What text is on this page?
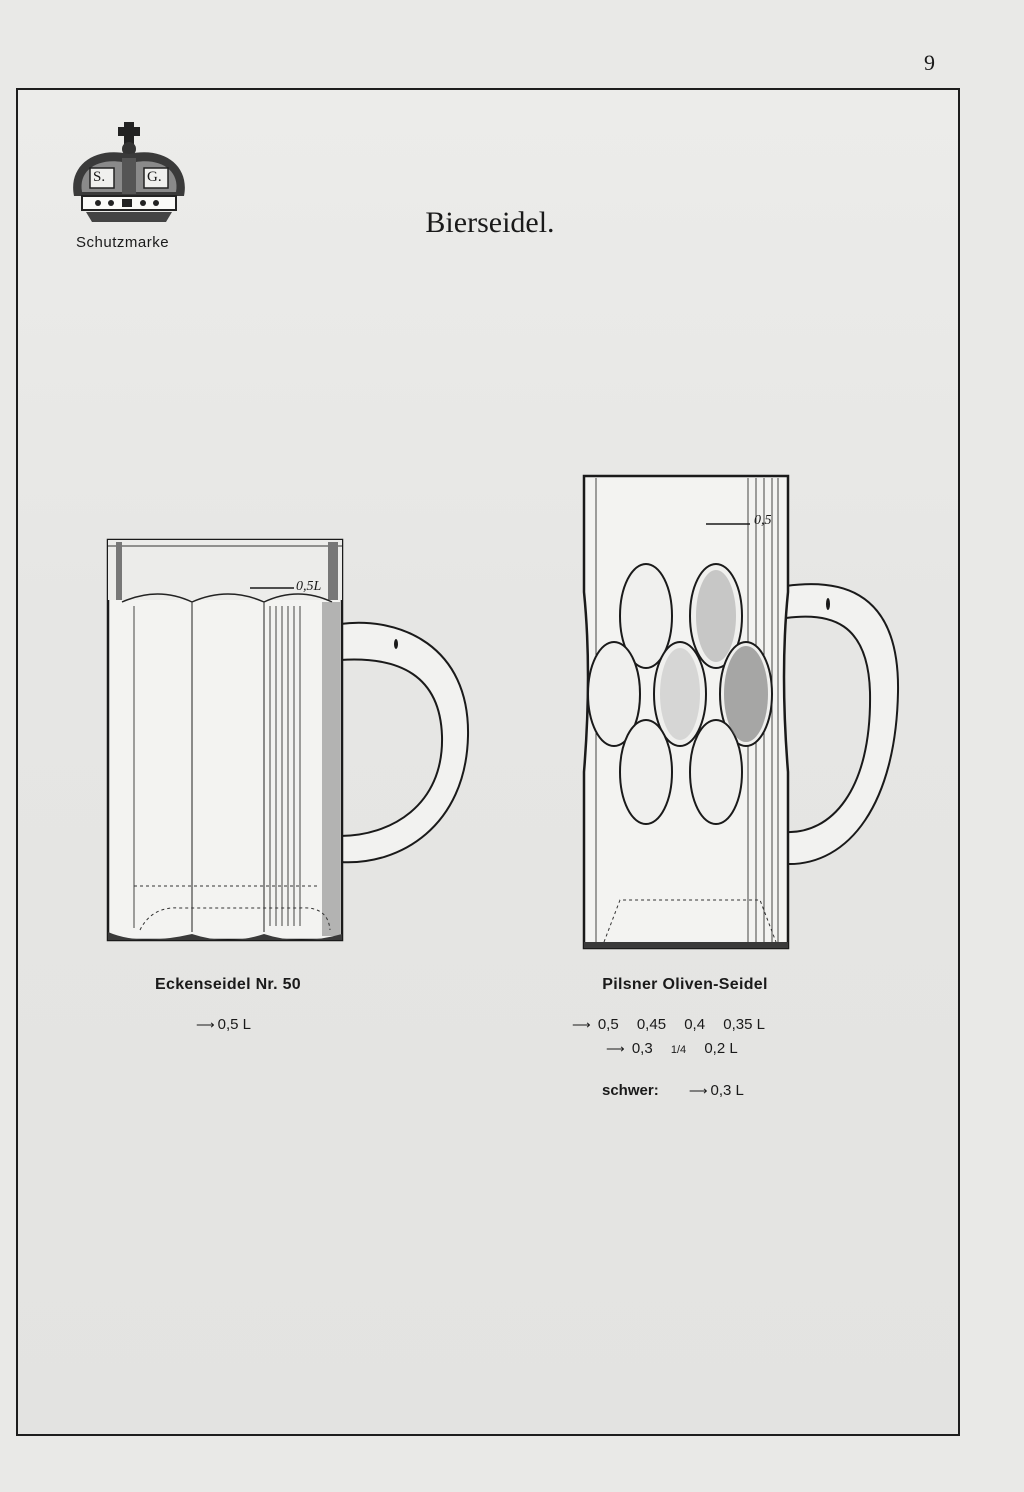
9
S.	G.
Schutzmarke
Bierseidel.
0,5L
0,5
Eckenseidel Nr. 50
⟶ 0,5 L
Pilsner Oliven-Seidel
⟶ 0,5 0,45 0,4 0,35 L
⟶ 0,3 1/4 0,2 L
schwer: ⟶ 0,3 L
